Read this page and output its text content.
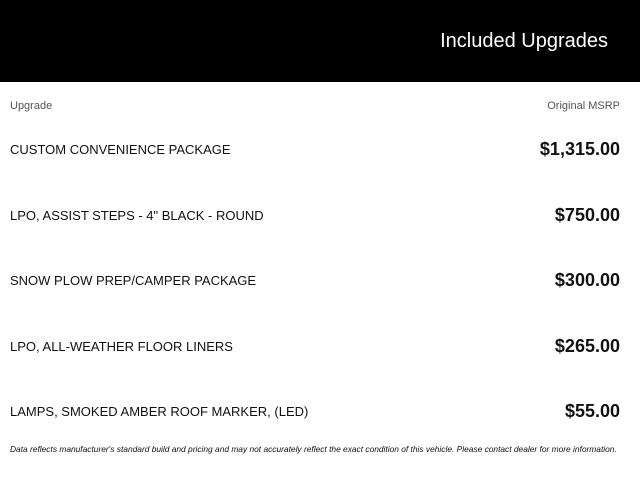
Included Upgrades
Upgrade	Original MSRP
CUSTOM CONVENIENCE PACKAGE	$1,315.00
LPO, ASSIST STEPS - 4" BLACK - ROUND	$750.00
SNOW PLOW PREP/CAMPER PACKAGE	$300.00
LPO, ALL-WEATHER FLOOR LINERS	$265.00
LAMPS, SMOKED AMBER ROOF MARKER, (LED)	$55.00
Data reflects manufacturer's standard build and pricing and may not accurately reflect the exact condition of this vehicle. Please contact dealer for more information.
